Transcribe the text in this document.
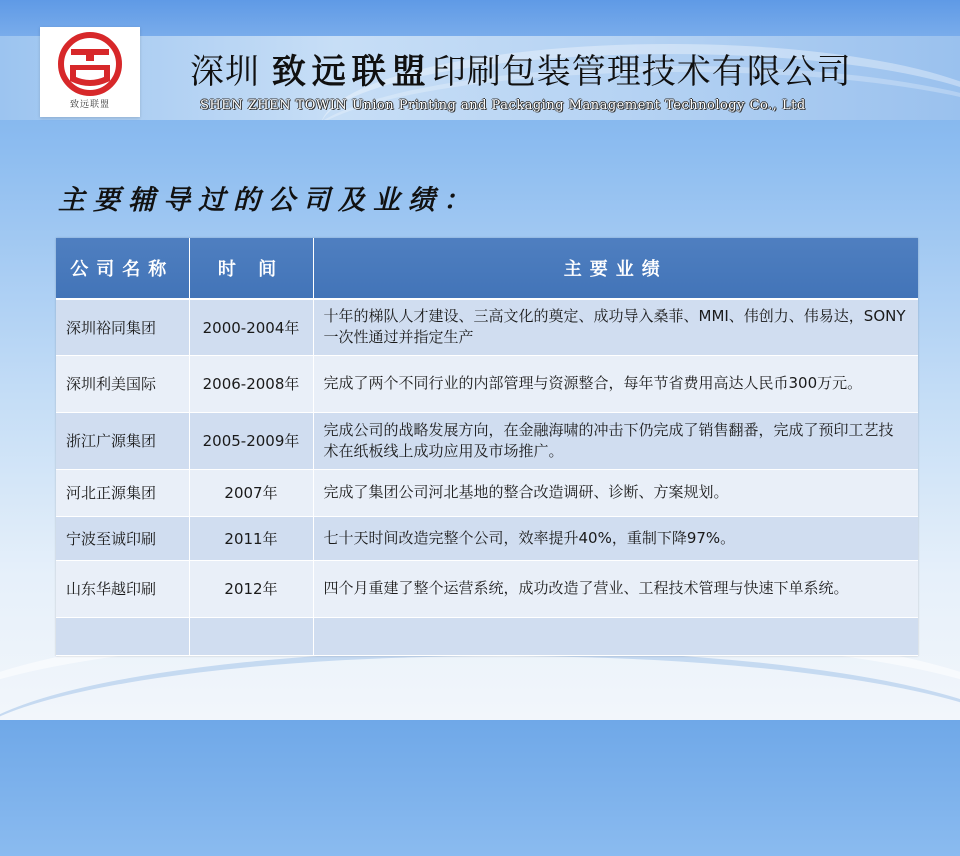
致远联盟
深圳 致远联盟印刷包装管理技术有限公司
SHEN ZHEN TOWIN Union Printing and Packaging Management Technology Co., Ltd
主要辅导过的公司及业绩：
公司名称	时 间	主要业绩
深圳裕同集团	2000-2004年	十年的梯队人才建设、三高文化的奠定、成功导入桑菲、MMI、伟创力、伟易达，SONY一次性通过并指定生产
深圳利美国际	2006-2008年	完成了两个不同行业的内部管理与资源整合，每年节省费用高达人民币300万元。
浙江广源集团	2005-2009年	完成公司的战略发展方向，在金融海啸的冲击下仍完成了销售翻番，完成了预印工艺技术在纸板线上成功应用及市场推广。
河北正源集团	2007年	完成了集团公司河北基地的整合改造调研、诊断、方案规划。
宁波至诚印刷	2011年	七十天时间改造完整个公司，效率提升40%，重制下降97%。
山东华越印刷	2012年	四个月重建了整个运营系统，成功改造了营业、工程技术管理与快速下单系统。
